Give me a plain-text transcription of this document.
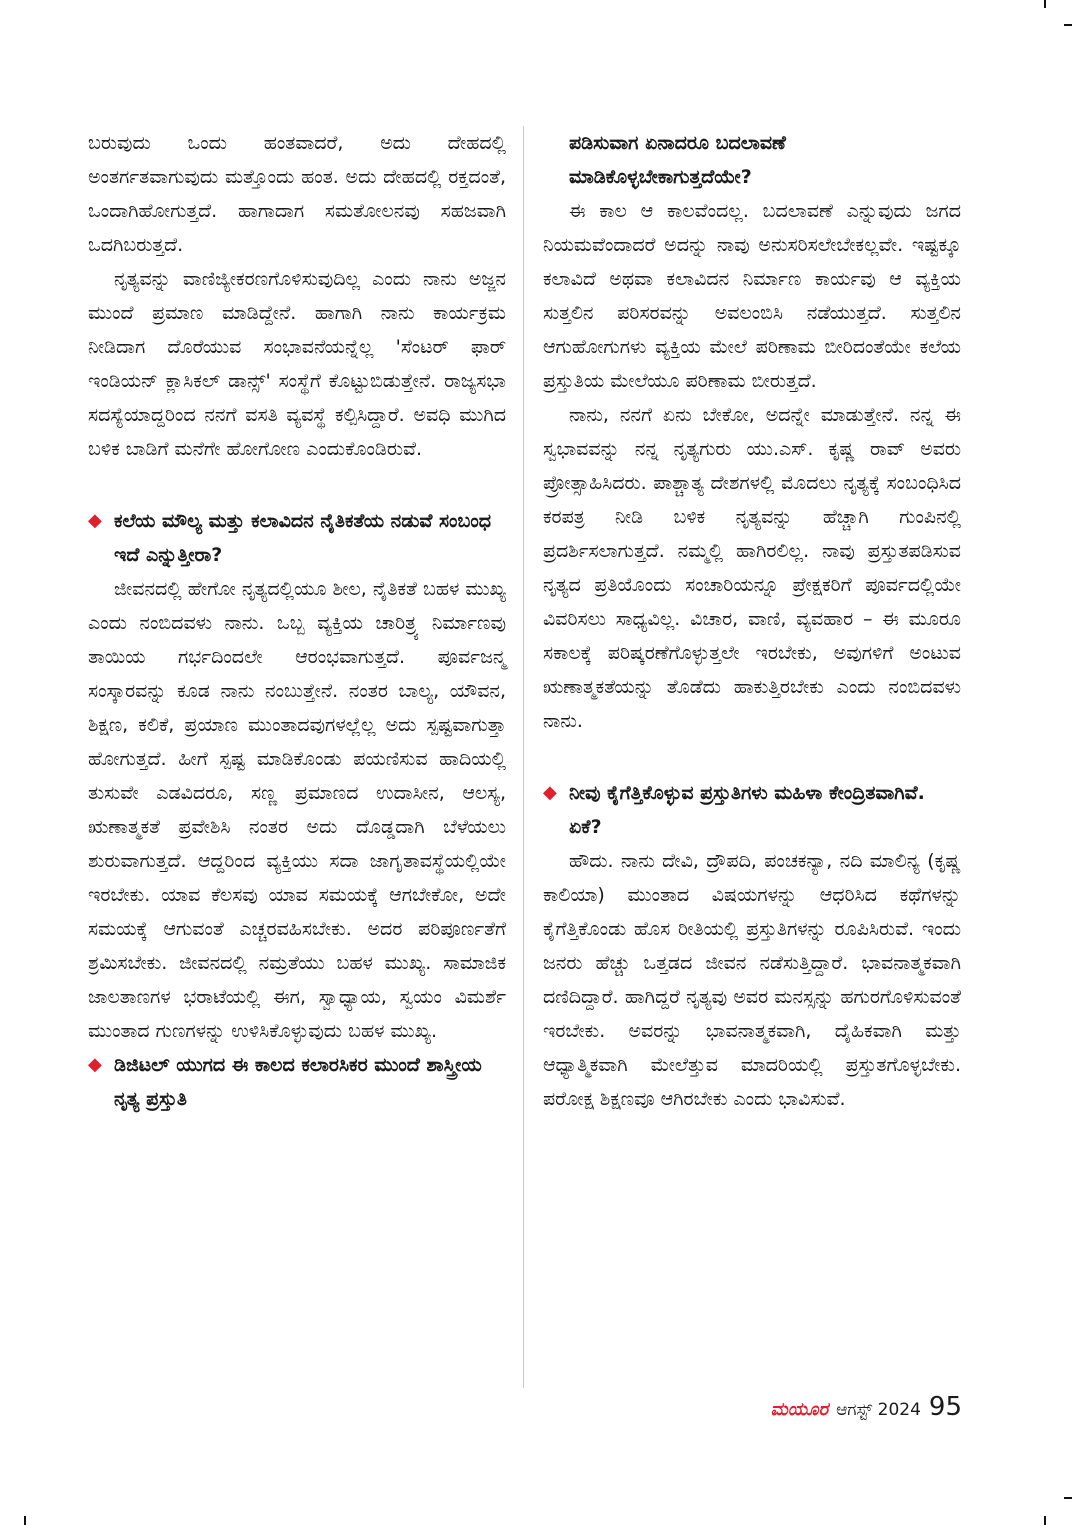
ಬರುವುದು ಒಂದು ಹಂತವಾದರೆ, ಅದು ದೇಹದಲ್ಲಿ ಅಂತರ್ಗತವಾಗುವುದು ಮತ್ತೊಂದು ಹಂತ. ಅದು ದೇಹದಲ್ಲಿ ರಕ್ತದಂತೆ, ಒಂದಾಗಿಹೋಗುತ್ತದೆ. ಹಾಗಾದಾಗ ಸಮತೋಲನವು ಸಹಜವಾಗಿ ಒದಗಿಬರುತ್ತದೆ.

ನೃತ್ಯವನ್ನು ವಾಣಿಜ್ಯೀಕರಣಗೊಳಿಸುವುದಿಲ್ಲ ಎಂದು ನಾನು ಅಜ್ಜನ ಮುಂದೆ ಪ್ರಮಾಣ ಮಾಡಿದ್ದೇನೆ. ಹಾಗಾಗಿ ನಾನು ಕಾರ್ಯಕ್ರಮ ನೀಡಿದಾಗ ದೊರೆಯುವ ಸಂಭಾವನೆಯನ್ನೆಲ್ಲ 'ಸೆಂಟರ್ ಫಾರ್ ಇಂಡಿಯನ್ ಕ್ಲಾಸಿಕಲ್ ಡಾನ್ಸ್' ಸಂಸ್ಥೆಗೆ ಕೊಟ್ಟುಬಿಡುತ್ತೇನೆ. ರಾಜ್ಯಸಭಾ ಸದಸ್ಯೆಯಾದ್ದರಿಂದ ನನಗೆ ವಸತಿ ವ್ಯವಸ್ಥೆ ಕಲ್ಪಿಸಿದ್ದಾರೆ. ಅವಧಿ ಮುಗಿದ ಬಳಿಕ ಬಾಡಿಗೆ ಮನೆಗೇ ಹೋಗೋಣ ಎಂದುಕೊಂಡಿರುವೆ.

◆ ಕಲೆಯ ಮೌಲ್ಯ ಮತ್ತು ಕಲಾವಿದನ ನೈತಿಕತೆಯ ನಡುವೆ ಸಂಬಂಧ ಇದೆ ಎನ್ನುತ್ತೀರಾ?

ಜೀವನದಲ್ಲಿ ಹೇಗೋ ನೃತ್ಯದಲ್ಲಿಯೂ ಶೀಲ, ನೈತಿಕತೆ ಬಹಳ ಮುಖ್ಯ ಎಂದು ನಂಬಿದವಳು ನಾನು. ಒಬ್ಬ ವ್ಯಕ್ತಿಯ ಚಾರಿತ್ರ್ಯ ನಿರ್ಮಾಣವು ತಾಯಿಯ ಗರ್ಭದಿಂದಲೇ ಆರಂಭವಾಗುತ್ತದೆ. ಪೂರ್ವಜನ್ಮ ಸಂಸ್ಕಾರವನ್ನು ಕೂಡ ನಾನು ನಂಬುತ್ತೇನೆ. ನಂತರ ಬಾಲ್ಯ, ಯೌವನ, ಶಿಕ್ಷಣ, ಕಲಿಕೆ, ಪ್ರಯಾಣ ಮುಂತಾದವುಗಳಲ್ಲೆಲ್ಲ ಅದು ಸ್ಪಷ್ಟವಾಗುತ್ತಾ ಹೋಗುತ್ತದೆ. ಹೀಗೆ ಸ್ಪಷ್ಟ ಮಾಡಿಕೊಂಡು ಪಯಣಿಸುವ ಹಾದಿಯಲ್ಲಿ ತುಸುವೇ ಎಡವಿದರೂ, ಸಣ್ಣ ಪ್ರಮಾಣದ ಉದಾಸೀನ, ಆಲಸ್ಯ, ಋಣಾತ್ಮಕತೆ ಪ್ರವೇಶಿಸಿ ನಂತರ ಅದು ದೊಡ್ಡದಾಗಿ ಬೆಳೆಯಲು ಶುರುವಾಗುತ್ತದೆ. ಆದ್ದರಿಂದ ವ್ಯಕ್ತಿಯು ಸದಾ ಜಾಗೃತಾವಸ್ಥೆಯಲ್ಲಿಯೇ ಇರಬೇಕು. ಯಾವ ಕೆಲಸವು ಯಾವ ಸಮಯಕ್ಕೆ ಆಗಬೇಕೋ, ಅದೇ ಸಮಯಕ್ಕೆ ಆಗುವಂತೆ ಎಚ್ಚರವಹಿಸಬೇಕು. ಅದರ ಪರಿಪೂರ್ಣತೆಗೆ ಶ್ರಮಿಸಬೇಕು. ಜೀವನದಲ್ಲಿ ನಮ್ರತೆಯು ಬಹಳ ಮುಖ್ಯ. ಸಾಮಾಜಿಕ ಜಾಲತಾಣಗಳ ಭರಾಟೆಯಲ್ಲಿ ಈಗ, ಸ್ವಾಧ್ಯಾಯ, ಸ್ವಯಂ ವಿಮರ್ಶೆ ಮುಂತಾದ ಗುಣಗಳನ್ನು ಉಳಿಸಿಕೊಳ್ಳುವುದು ಬಹಳ ಮುಖ್ಯ.

◆ ಡಿಜಿಟಲ್ ಯುಗದ ಈ ಕಾಲದ ಕಲಾರಸಿಕರ ಮುಂದೆ ಶಾಸ್ತ್ರೀಯ ನೃತ್ಯ ಪ್ರಸ್ತುತಿ
ಪಡಿಸುವಾಗ ಏನಾದರೂ ಬದಲಾವಣೆ ಮಾಡಿಕೊಳ್ಳಬೇಕಾಗುತ್ತದೆಯೇ?

ಈ ಕಾಲ ಆ ಕಾಲವೆಂದಲ್ಲ. ಬದಲಾವಣೆ ಎನ್ನುವುದು ಜಗದ ನಿಯಮವೆಂದಾದರೆ ಅದನ್ನು ನಾವು ಅನುಸರಿಸಲೇಬೇಕಲ್ಲವೇ. ಇಷ್ಟಕ್ಕೂ ಕಲಾವಿದೆ ಅಥವಾ ಕಲಾವಿದನ ನಿರ್ಮಾಣ ಕಾರ್ಯವು ಆ ವ್ಯಕ್ತಿಯ ಸುತ್ತಲಿನ ಪರಿಸರವನ್ನು ಅವಲಂಬಿಸಿ ನಡೆಯುತ್ತದೆ. ಸುತ್ತಲಿನ ಆಗುಹೋಗುಗಳು ವ್ಯಕ್ತಿಯ ಮೇಲೆ ಪರಿಣಾಮ ಬೀರಿದಂತೆಯೇ ಕಲೆಯ ಪ್ರಸ್ತುತಿಯ ಮೇಲೆಯೂ ಪರಿಣಾಮ ಬೀರುತ್ತದೆ.

ನಾನು, ನನಗೆ ಏನು ಬೇಕೋ, ಅದನ್ನೇ ಮಾಡುತ್ತೇನೆ. ನನ್ನ ಈ ಸ್ವಭಾವವನ್ನು ನನ್ನ ನೃತ್ಯಗುರು ಯು.ಎಸ್. ಕೃಷ್ಣ ರಾವ್ ಅವರು ಪ್ರೋತ್ಸಾಹಿಸಿದರು. ಪಾಶ್ಚಾತ್ಯ ದೇಶಗಳಲ್ಲಿ ಮೊದಲು ನೃತ್ಯಕ್ಕೆ ಸಂಬಂಧಿಸಿದ ಕರಪತ್ರ ನೀಡಿ ಬಳಿಕ ನೃತ್ಯವನ್ನು ಹೆಚ್ಚಾಗಿ ಗುಂಪಿನಲ್ಲಿ ಪ್ರದರ್ಶಿಸಲಾಗುತ್ತದೆ. ನಮ್ಮಲ್ಲಿ ಹಾಗಿರಲಿಲ್ಲ. ನಾವು ಪ್ರಸ್ತುತಪಡಿಸುವ ನೃತ್ಯದ ಪ್ರತಿಯೊಂದು ಸಂಚಾರಿಯನ್ನೂ ಪ್ರೇಕ್ಷಕರಿಗೆ ಪೂರ್ವದಲ್ಲಿಯೇ ವಿವರಿಸಲು ಸಾಧ್ಯವಿಲ್ಲ. ವಿಚಾರ, ವಾಣಿ, ವ್ಯವಹಾರ – ಈ ಮೂರೂ ಸಕಾಲಕ್ಕೆ ಪರಿಷ್ಕರಣೆಗೊಳ್ಳುತ್ತಲೇ ಇರಬೇಕು, ಅವುಗಳಿಗೆ ಅಂಟುವ ಋಣಾತ್ಮಕತೆಯನ್ನು ತೊಡೆದು ಹಾಕುತ್ತಿರಬೇಕು ಎಂದು ನಂಬಿದವಳು ನಾನು.

◆ ನೀವು ಕೈಗೆತ್ತಿಕೊಳ್ಳುವ ಪ್ರಸ್ತುತಿಗಳು ಮಹಿಳಾ ಕೇಂದ್ರಿತವಾಗಿವೆ. ಏಕೆ?

ಹೌದು. ನಾನು ದೇವಿ, ದ್ರೌಪದಿ, ಪಂಚಕನ್ಯಾ, ನದಿ ಮಾಲಿನ್ಯ (ಕೃಷ್ಣ ಕಾಲಿಯಾ) ಮುಂತಾದ ವಿಷಯಗಳನ್ನು ಆಧರಿಸಿದ ಕಥೆಗಳನ್ನು ಕೈಗೆತ್ತಿಕೊಂಡು ಹೊಸ ರೀತಿಯಲ್ಲಿ ಪ್ರಸ್ತುತಿಗಳನ್ನು ರೂಪಿಸಿರುವೆ. ಇಂದು ಜನರು ಹೆಚ್ಚು ಒತ್ತಡದ ಜೀವನ ನಡೆಸುತ್ತಿದ್ದಾರೆ. ಭಾವನಾತ್ಮಕವಾಗಿ ದಣಿದಿದ್ದಾರೆ. ಹಾಗಿದ್ದರೆ ನೃತ್ಯವು ಅವರ ಮನಸ್ಸನ್ನು ಹಗುರಗೊಳಿಸುವಂತೆ ಇರಬೇಕು. ಅವರನ್ನು ಭಾವನಾತ್ಮಕವಾಗಿ, ದೈಹಿಕವಾಗಿ ಮತ್ತು ಆಧ್ಯಾತ್ಮಿಕವಾಗಿ ಮೇಲೆತ್ತುವ ಮಾದರಿಯಲ್ಲಿ ಪ್ರಸ್ತುತಗೊಳ್ಳಬೇಕು. ಪರೋಕ್ಷ ಶಿಕ್ಷಣವೂ ಆಗಿರಬೇಕು ಎಂದು ಭಾವಿಸುವೆ.

ಮಯೂರ ಆಗಸ್ಟ್ 2024 95
